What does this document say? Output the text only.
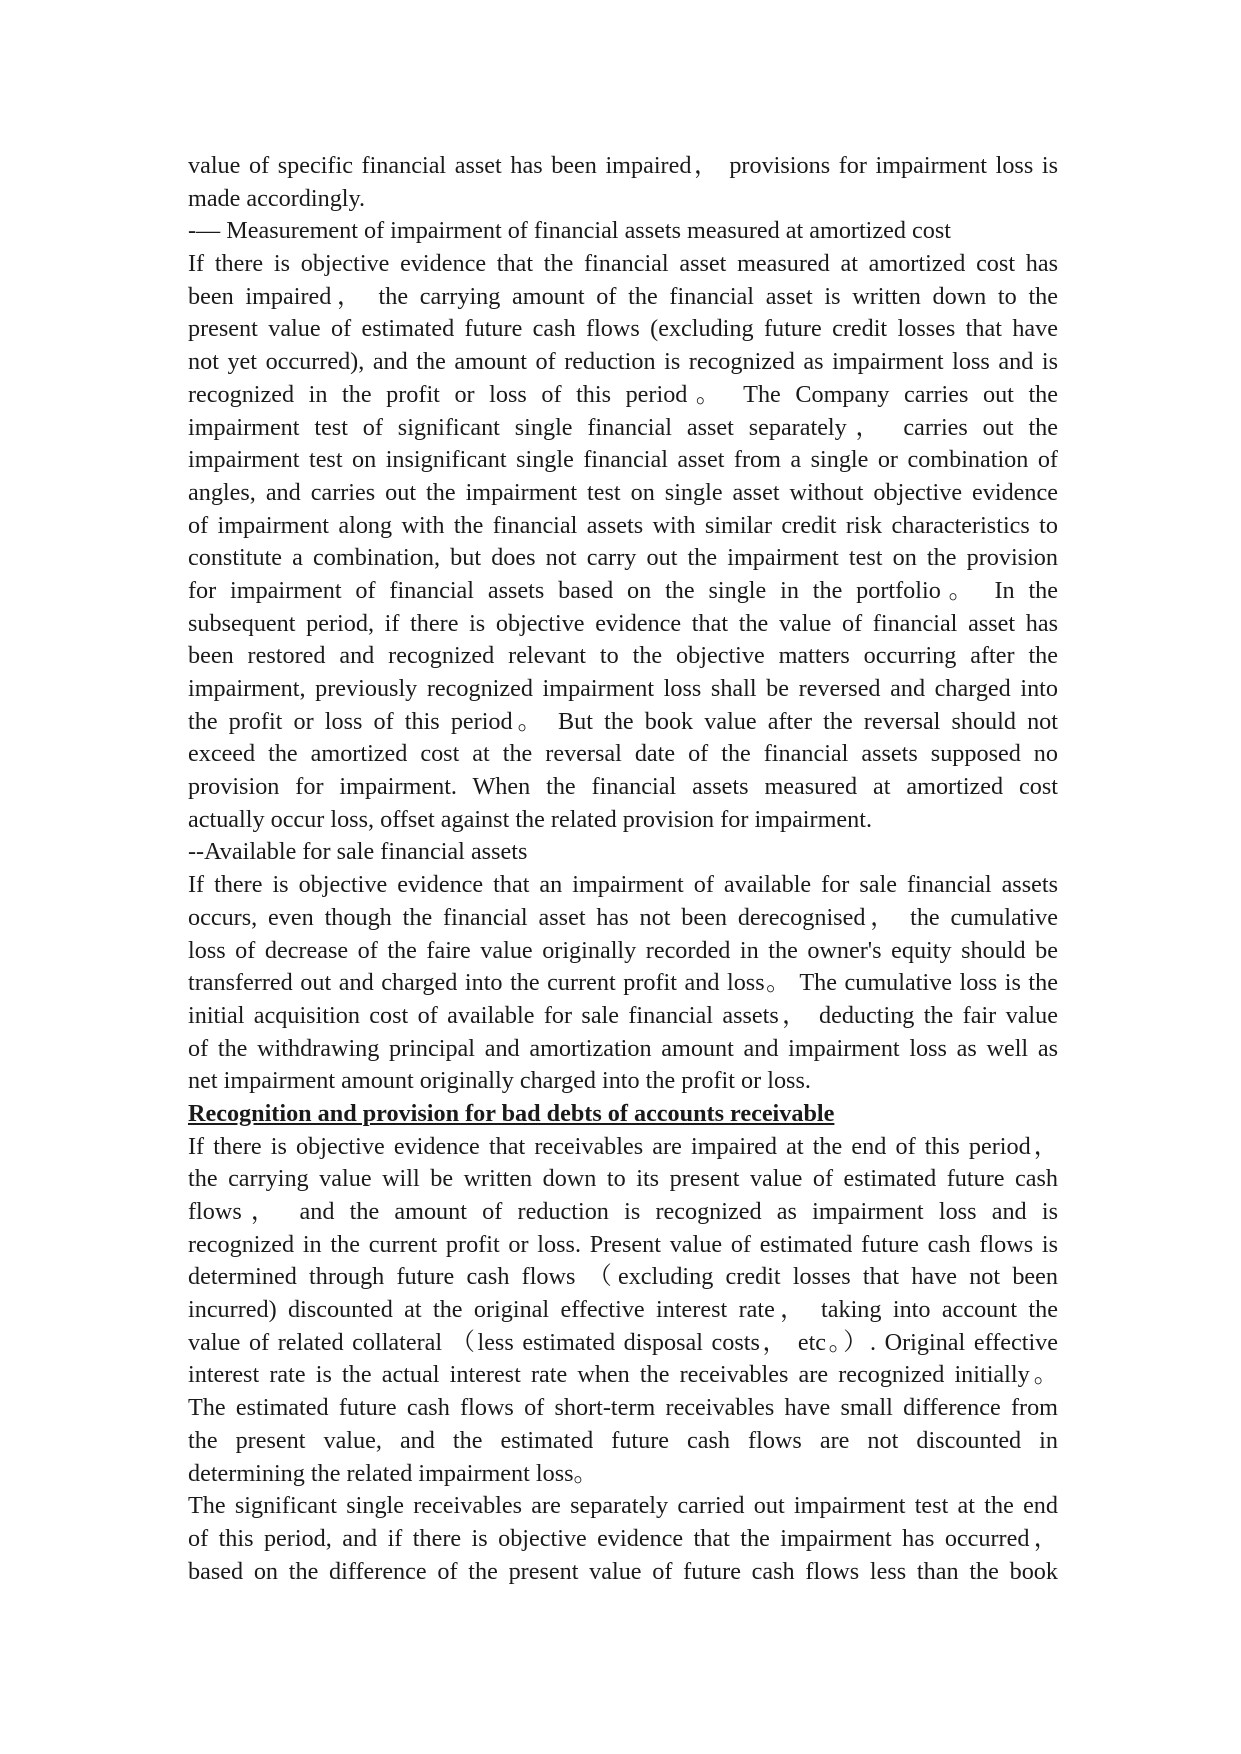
value of specific financial asset has been impaired， provisions for impairment loss is
made accordingly.
-— Measurement of impairment of financial assets measured at amortized cost
If there is objective evidence that the financial asset measured at amortized cost has
been impaired， the carrying amount of the financial asset is written down to the
present value of estimated future cash flows (excluding future credit losses that have
not yet occurred), and the amount of reduction is recognized as impairment loss and is
recognized in the profit or loss of this period。 The Company carries out the
impairment test of significant single financial asset separately， carries out the
impairment test on insignificant single financial asset from a single or combination of
angles, and carries out the impairment test on single asset without objective evidence
of impairment along with the financial assets with similar credit risk characteristics to
constitute a combination, but does not carry out the impairment test on the provision
for impairment of financial assets based on the single in the portfolio。 In the
subsequent period, if there is objective evidence that the value of financial asset has
been restored and recognized relevant to the objective matters occurring after the
impairment, previously recognized impairment loss shall be reversed and charged into
the profit or loss of this period。 But the book value after the reversal should not
exceed the amortized cost at the reversal date of the financial assets supposed no
provision for impairment. When the financial assets measured at amortized cost
actually occur loss, offset against the related provision for impairment.
--Available for sale financial assets
If there is objective evidence that an impairment of available for sale financial assets
occurs, even though the financial asset has not been derecognised， the cumulative
loss of decrease of the faire value originally recorded in the owner's equity should be
transferred out and charged into the current profit and loss。 The cumulative loss is the
initial acquisition cost of available for sale financial assets， deducting the fair value
of the withdrawing principal and amortization amount and impairment loss as well as
net impairment amount originally charged into the profit or loss.
Recognition and provision for bad debts of accounts receivable
If there is objective evidence that receivables are impaired at the end of this period，
the carrying value will be written down to its present value of estimated future cash
flows， and the amount of reduction is recognized as impairment loss and is
recognized in the current profit or loss. Present value of estimated future cash flows is
determined through future cash flows （excluding credit losses that have not been
incurred) discounted at the original effective interest rate， taking into account the
value of related collateral （less estimated disposal costs， etc。）. Original effective
interest rate is the actual interest rate when the receivables are recognized initially。
The estimated future cash flows of short-term receivables have small difference from
the present value, and the estimated future cash flows are not discounted in
determining the related impairment loss。
The significant single receivables are separately carried out impairment test at the end
of this period, and if there is objective evidence that the impairment has occurred，
based on the difference of the present value of future cash flows less than the book
